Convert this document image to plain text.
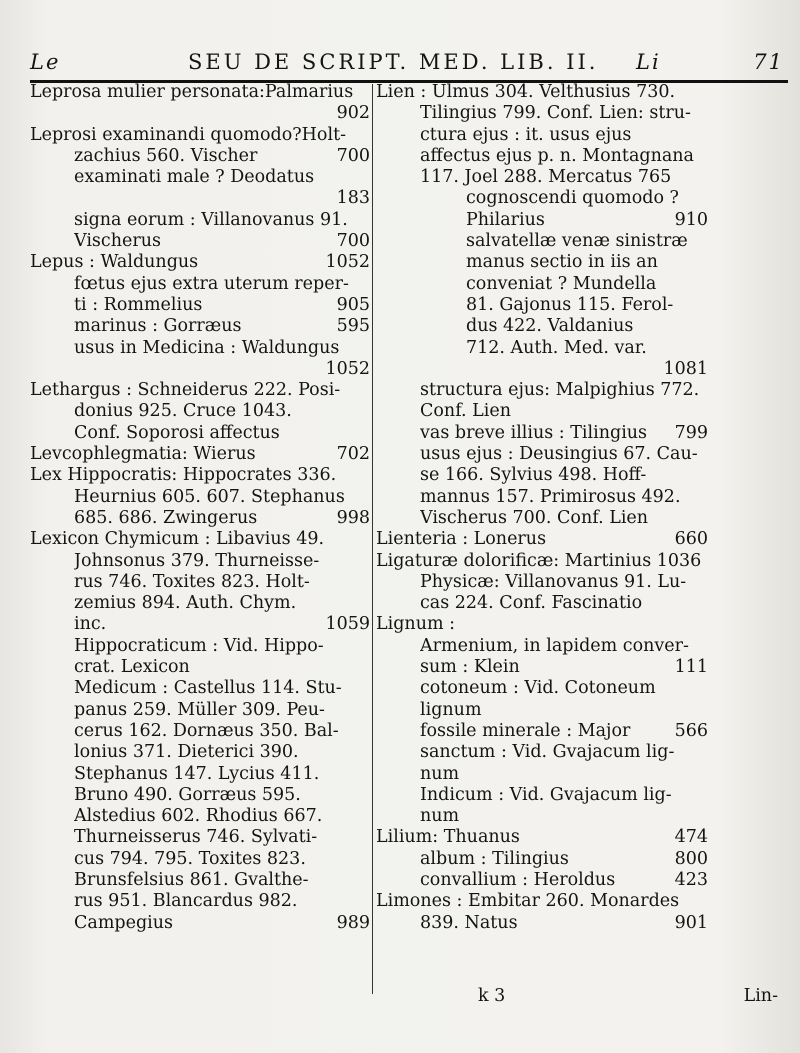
Le	SEU DE SCRIPT. MED. LIB. II. Li	71
Leprosa mulier personata:Palmarius
902
Leprosi examinandi quomodo?Holt-
zachius 560. Vischer	700
examinati male ? Deodatus
183
signa eorum : Villanovanus 91.
Vischerus	700
Lepus : Waldungus	1052
fœtus ejus extra uterum reper-
ti : Rommelius	905
marinus : Gorræus	595
usus in Medicina : Waldungus
1052
Lethargus : Schneiderus 222. Posi-
donius 925. Cruce 1043.
Conf. Soporosi affectus
Levcophlegmatia: Wierus	702
Lex Hippocratis: Hippocrates 336.
Heurnius 605. 607. Stephanus
685. 686. Zwingerus	998
Lexicon Chymicum : Libavius 49.
Johnsonus 379. Thurneisse-
rus 746. Toxites 823. Holt-
zemius 894. Auth. Chym.
inc.	1059
Hippocraticum : Vid. Hippo-
crat. Lexicon
Medicum : Castellus 114. Stu-
panus 259. Müller 309. Peu-
cerus 162. Dornæus 350. Bal-
lonius 371. Dieterici 390.
Stephanus 147. Lycius 411.
Bruno 490. Gorræus 595.
Alstedius 602. Rhodius 667.
Thurneisserus 746. Sylvati-
cus 794. 795. Toxites 823.
Brunsfelsius 861. Gvalthe-
rus 951. Blancardus 982.
Campegius	989
Lien : Ulmus 304. Velthusius 730.
Tilingius 799. Conf. Lien: stru-
ctura ejus : it. usus ejus
affectus ejus p. n. Montagnana
117. Joel 288. Mercatus 765
cognoscendi quomodo ?
Philarius	910
salvatellæ venæ sinistræ
manus sectio in iis an
conveniat ? Mundella
81. Gajonus 115. Ferol-
dus 422. Valdanius
712. Auth. Med. var.
1081
structura ejus: Malpighius 772.
Conf. Lien
vas breve illius : Tilingius	799
usus ejus : Deusingius 67. Cau-
se 166. Sylvius 498. Hoff-
mannus 157. Primirosus 492.
Vischerus 700. Conf. Lien
Lienteria : Lonerus	660
Ligaturæ dolorificæ: Martinius 1036
Physicæ: Villanovanus 91. Lu-
cas 224. Conf. Fascinatio
Lignum :
Armenium, in lapidem conver-
sum : Klein	111
cotoneum : Vid. Cotoneum
lignum
fossile minerale : Major	566
sanctum : Vid. Gvajacum lig-
num
Indicum : Vid. Gvajacum lig-
num
Lilium: Thuanus	474
album : Tilingius	800
convallium : Heroldus	423
Limones : Embitar 260. Monardes
839. Natus	901
k 3	Lin-
